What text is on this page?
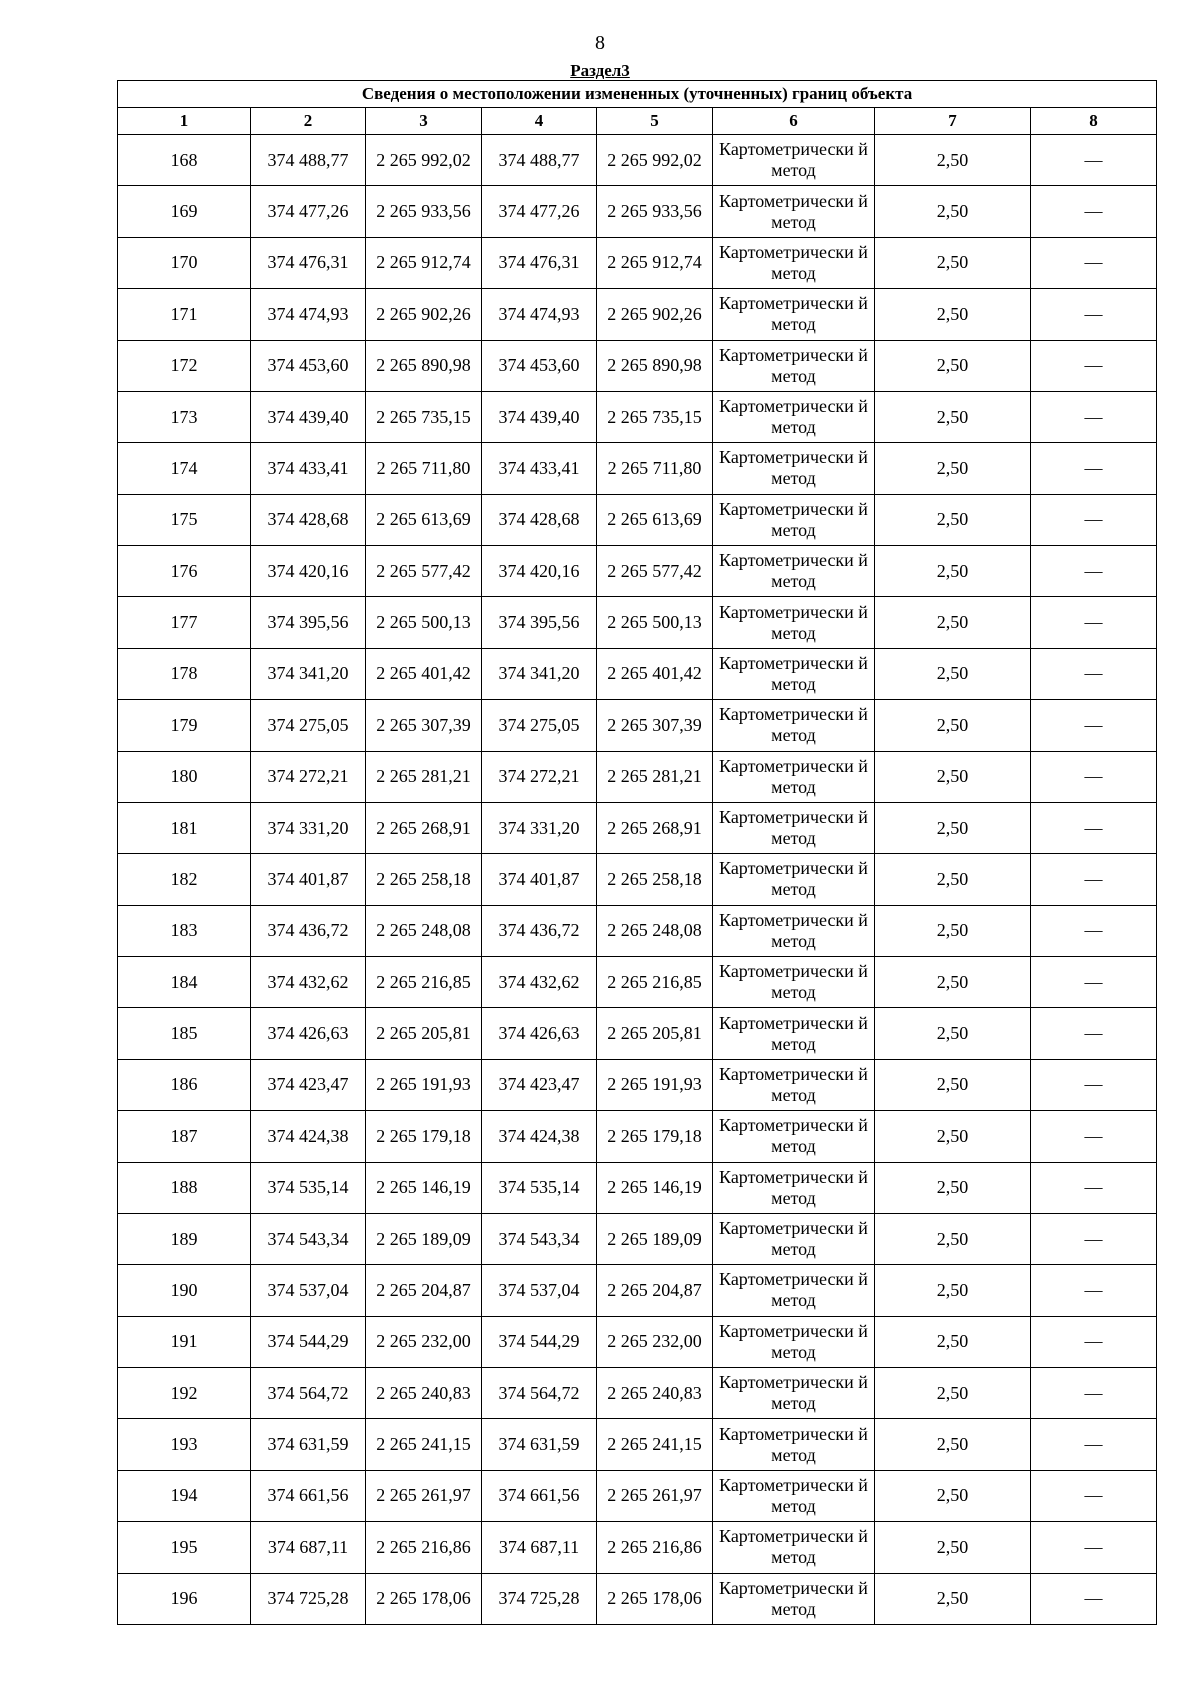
8
Раздел3
Сведения о местоположении измененных (уточненных) границ объекта							
1	2	3	4	5	6	7	8
168	374 488,77	2 265 992,02	374 488,77	2 265 992,02	Картометрически й метод	2,50	—
169	374 477,26	2 265 933,56	374 477,26	2 265 933,56	Картометрически й метод	2,50	—
170	374 476,31	2 265 912,74	374 476,31	2 265 912,74	Картометрически й метод	2,50	—
171	374 474,93	2 265 902,26	374 474,93	2 265 902,26	Картометрически й метод	2,50	—
172	374 453,60	2 265 890,98	374 453,60	2 265 890,98	Картометрически й метод	2,50	—
173	374 439,40	2 265 735,15	374 439,40	2 265 735,15	Картометрически й метод	2,50	—
174	374 433,41	2 265 711,80	374 433,41	2 265 711,80	Картометрически й метод	2,50	—
175	374 428,68	2 265 613,69	374 428,68	2 265 613,69	Картометрически й метод	2,50	—
176	374 420,16	2 265 577,42	374 420,16	2 265 577,42	Картометрически й метод	2,50	—
177	374 395,56	2 265 500,13	374 395,56	2 265 500,13	Картометрически й метод	2,50	—
178	374 341,20	2 265 401,42	374 341,20	2 265 401,42	Картометрически й метод	2,50	—
179	374 275,05	2 265 307,39	374 275,05	2 265 307,39	Картометрически й метод	2,50	—
180	374 272,21	2 265 281,21	374 272,21	2 265 281,21	Картометрически й метод	2,50	—
181	374 331,20	2 265 268,91	374 331,20	2 265 268,91	Картометрически й метод	2,50	—
182	374 401,87	2 265 258,18	374 401,87	2 265 258,18	Картометрически й метод	2,50	—
183	374 436,72	2 265 248,08	374 436,72	2 265 248,08	Картометрически й метод	2,50	—
184	374 432,62	2 265 216,85	374 432,62	2 265 216,85	Картометрически й метод	2,50	—
185	374 426,63	2 265 205,81	374 426,63	2 265 205,81	Картометрически й метод	2,50	—
186	374 423,47	2 265 191,93	374 423,47	2 265 191,93	Картометрически й метод	2,50	—
187	374 424,38	2 265 179,18	374 424,38	2 265 179,18	Картометрически й метод	2,50	—
188	374 535,14	2 265 146,19	374 535,14	2 265 146,19	Картометрически й метод	2,50	—
189	374 543,34	2 265 189,09	374 543,34	2 265 189,09	Картометрически й метод	2,50	—
190	374 537,04	2 265 204,87	374 537,04	2 265 204,87	Картометрически й метод	2,50	—
191	374 544,29	2 265 232,00	374 544,29	2 265 232,00	Картометрически й метод	2,50	—
192	374 564,72	2 265 240,83	374 564,72	2 265 240,83	Картометрически й метод	2,50	—
193	374 631,59	2 265 241,15	374 631,59	2 265 241,15	Картометрически й метод	2,50	—
194	374 661,56	2 265 261,97	374 661,56	2 265 261,97	Картометрически й метод	2,50	—
195	374 687,11	2 265 216,86	374 687,11	2 265 216,86	Картометрически й метод	2,50	—
196	374 725,28	2 265 178,06	374 725,28	2 265 178,06	Картометрически й метод	2,50	—
